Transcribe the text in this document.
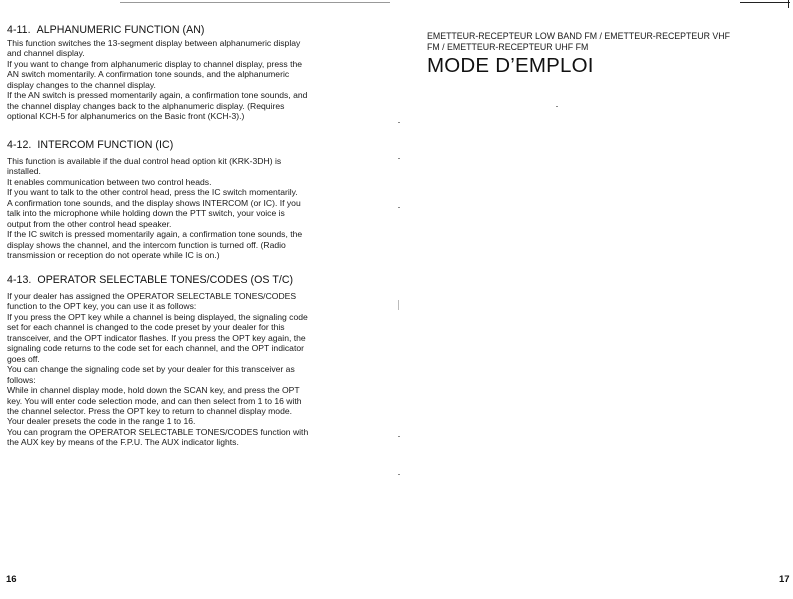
4-11. ALPHANUMERIC FUNCTION (AN)

This function switches the 13-segment display between alphanumeric display

and channel display.

If you want to change from alphanumeric display to channel display, press the

AN switch momentarily. A confirmation tone sounds, and the alphanumeric

display changes to the channel display.

If the AN switch is pressed momentarily again, a confirmation tone sounds, and

the channel display changes back to the alphanumeric display. (Requires

optional KCH-5 for alphanumerics on the Basic front (KCH-3).)

4-12. INTERCOM FUNCTION (IC)

This function is available if the dual control head option kit (KRK-3DH) is

installed.

It enables communication between two control heads.

If you want to talk to the other control head, press the IC switch momentarily.

A confirmation tone sounds, and the display shows INTERCOM (or IC). If you

talk into the microphone while holding down the PTT switch, your voice is

output from the other control head speaker.

If the IC switch is pressed momentarily again, a confirmation tone sounds, the

display shows the channel, and the intercom function is turned off. (Radio

transmission or reception do not operate while IC is on.)

4-13. OPERATOR SELECTABLE TONES/CODES (OS T/C)

If your dealer has assigned the OPERATOR SELECTABLE TONES/CODES

function to the OPT key, you can use it as follows:

If you press the OPT key while a channel is being displayed, the signaling code

set for each channel is changed to the code preset by your dealer for this

transceiver, and the OPT indicator flashes. If you press the OPT key again, the

signaling code returns to the code set for each channel, and the OPT indicator

goes off.

You can change the signaling code set by your dealer for this transceiver as

follows:

While in channel display mode, hold down the SCAN key, and press the OPT

key. You will enter code selection mode, and can then select from 1 to 16 with

the channel selector. Press the OPT key to return to channel display mode.

Your dealer presets the code in the range 1 to 16.

You can program the OPERATOR SELECTABLE TONES/CODES function with

the AUX key by means of the F.P.U. The AUX indicator lights.

16

EMETTEUR-RECEPTEUR LOW BAND FM / EMETTEUR-RECEPTEUR VHF

FM / EMETTEUR-RECEPTEUR UHF FM

MODE D’EMPLOI
17
